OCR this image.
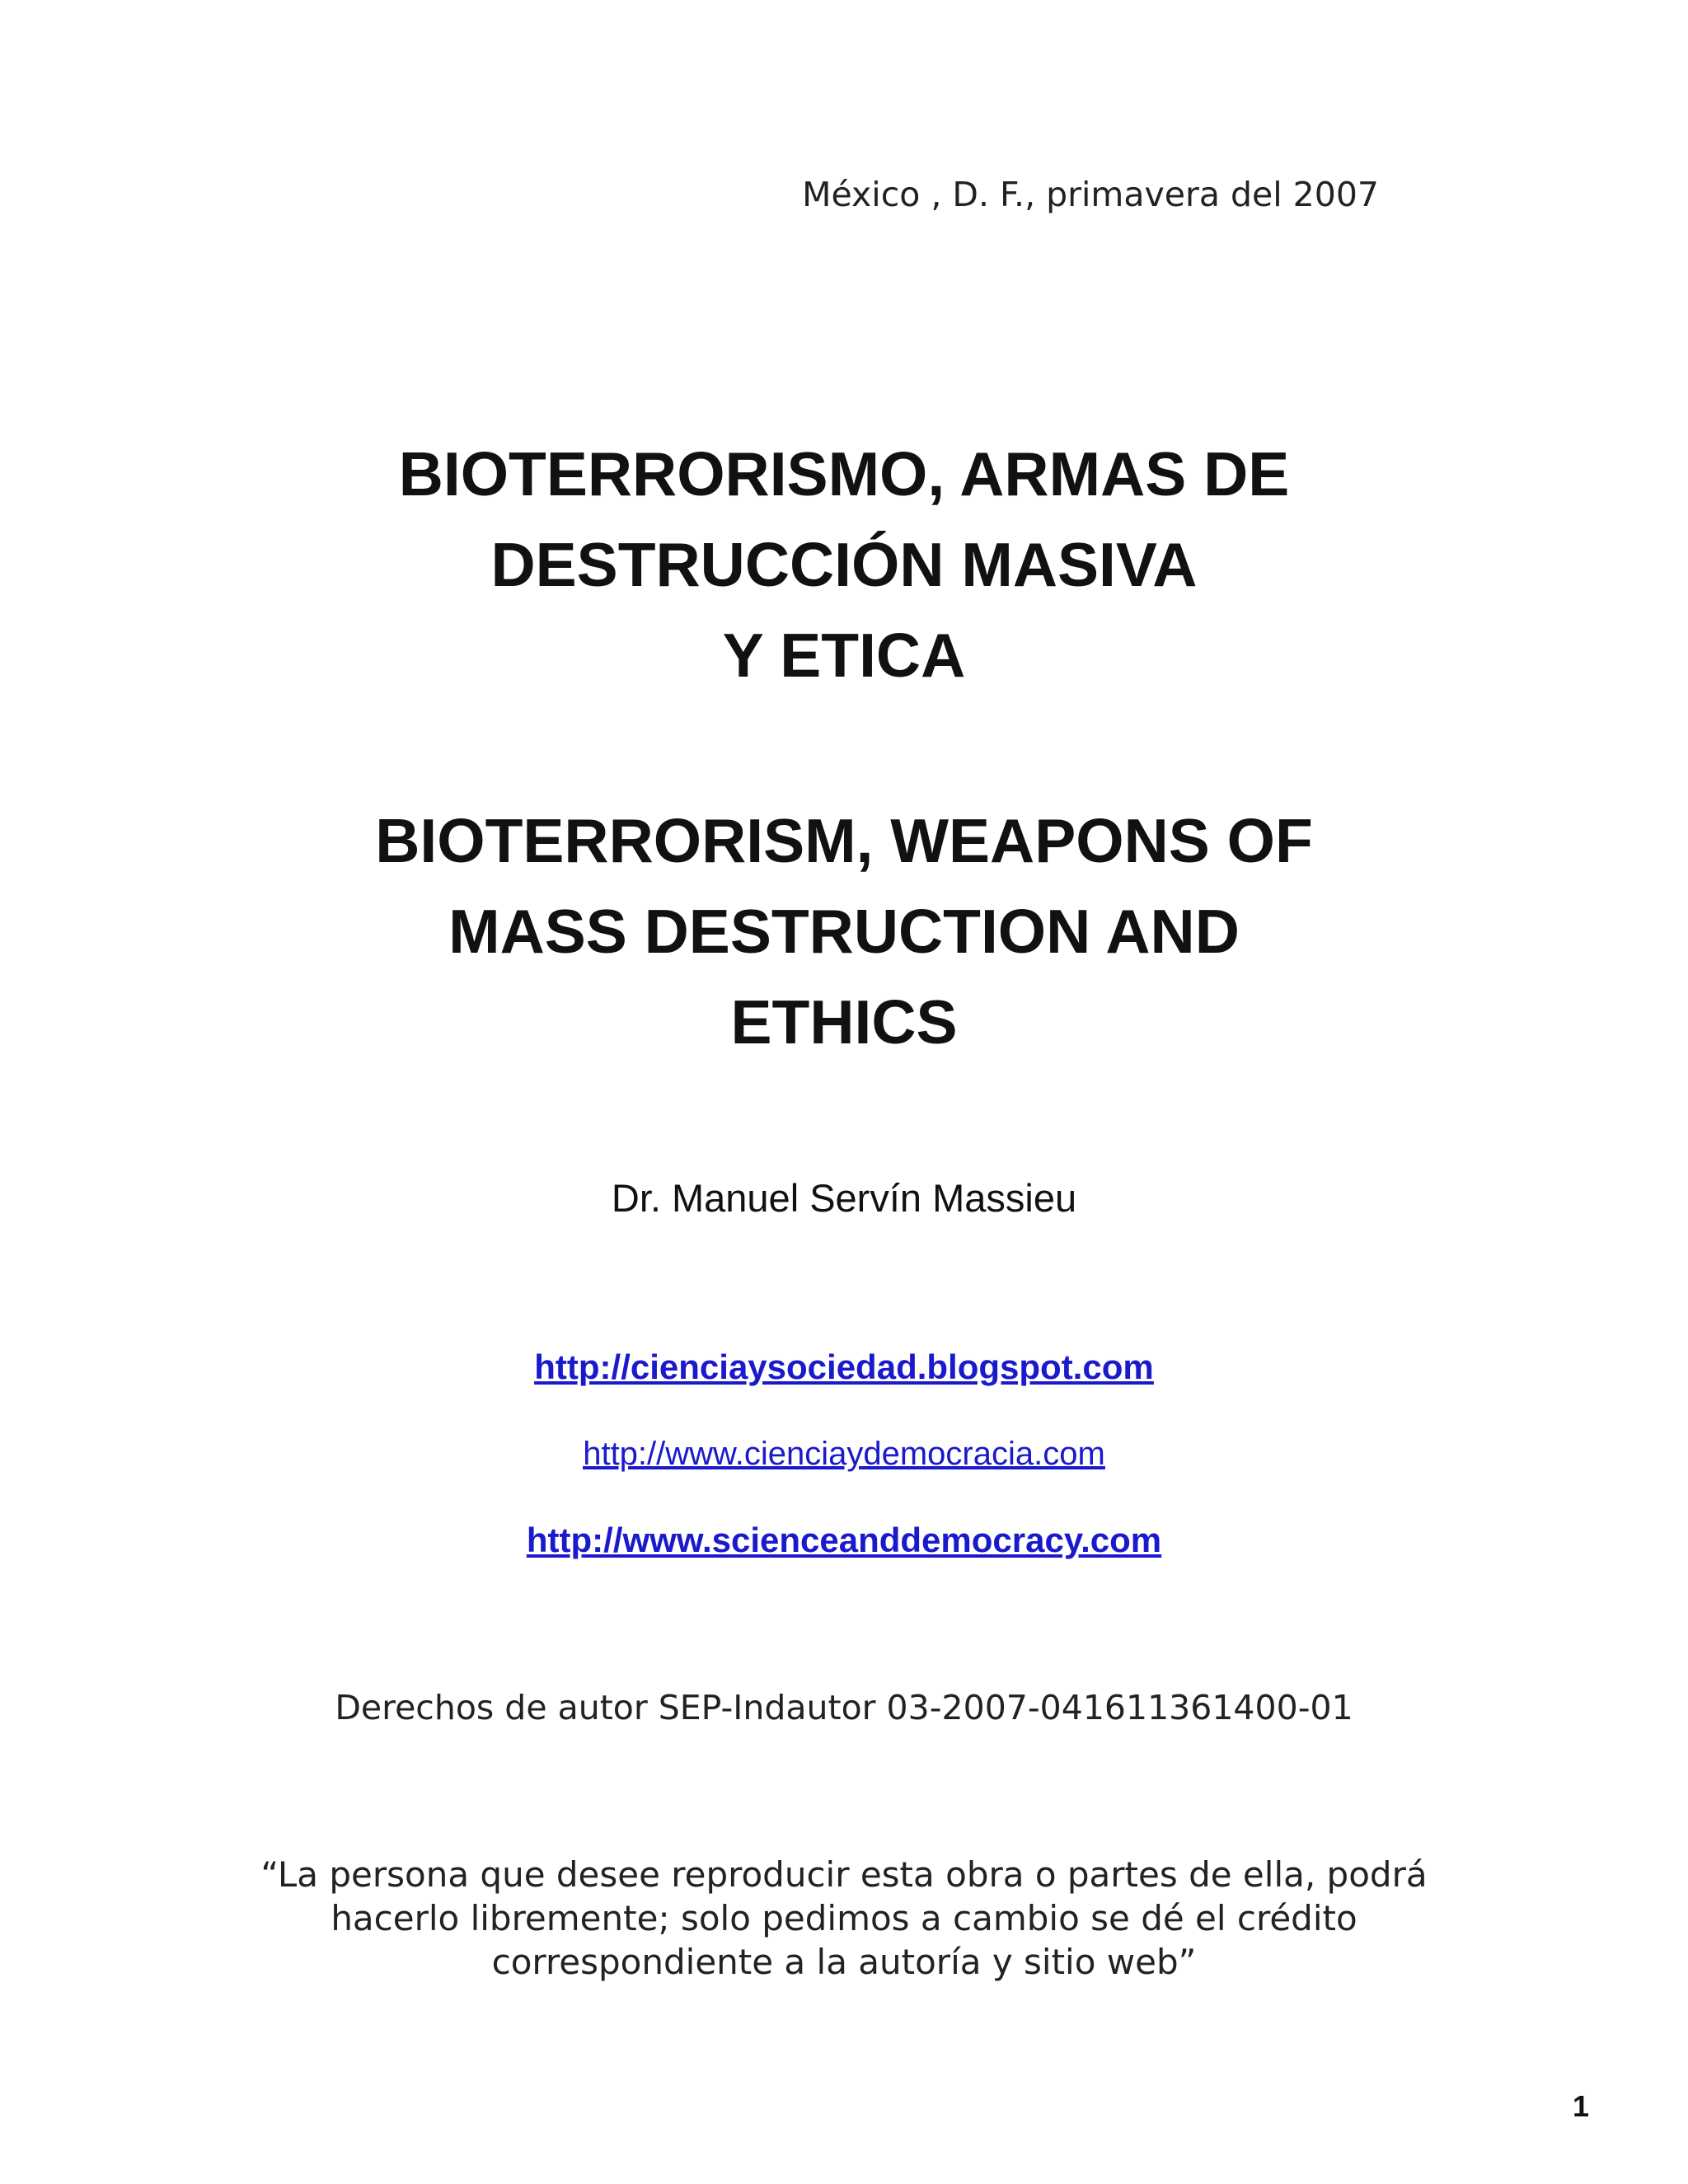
México , D. F., primavera del 2007
BIOTERRORISMO, ARMAS DE
DESTRUCCIÓN MASIVA
Y ETICA
BIOTERRORISM, WEAPONS OF
MASS DESTRUCTION AND
ETHICS
Dr. Manuel Servín Massieu
http://cienciaysociedad.blogspot.com
http://www.cienciaydemocracia.com
http://www.scienceanddemocracy.com
Derechos de autor SEP-Indautor 03-2007-041611361400-01
“La persona que desee reproducir esta obra o partes de ella, podrá
hacerlo libremente; solo pedimos a cambio se dé el crédito
correspondiente a la autoría y sitio web”
1
